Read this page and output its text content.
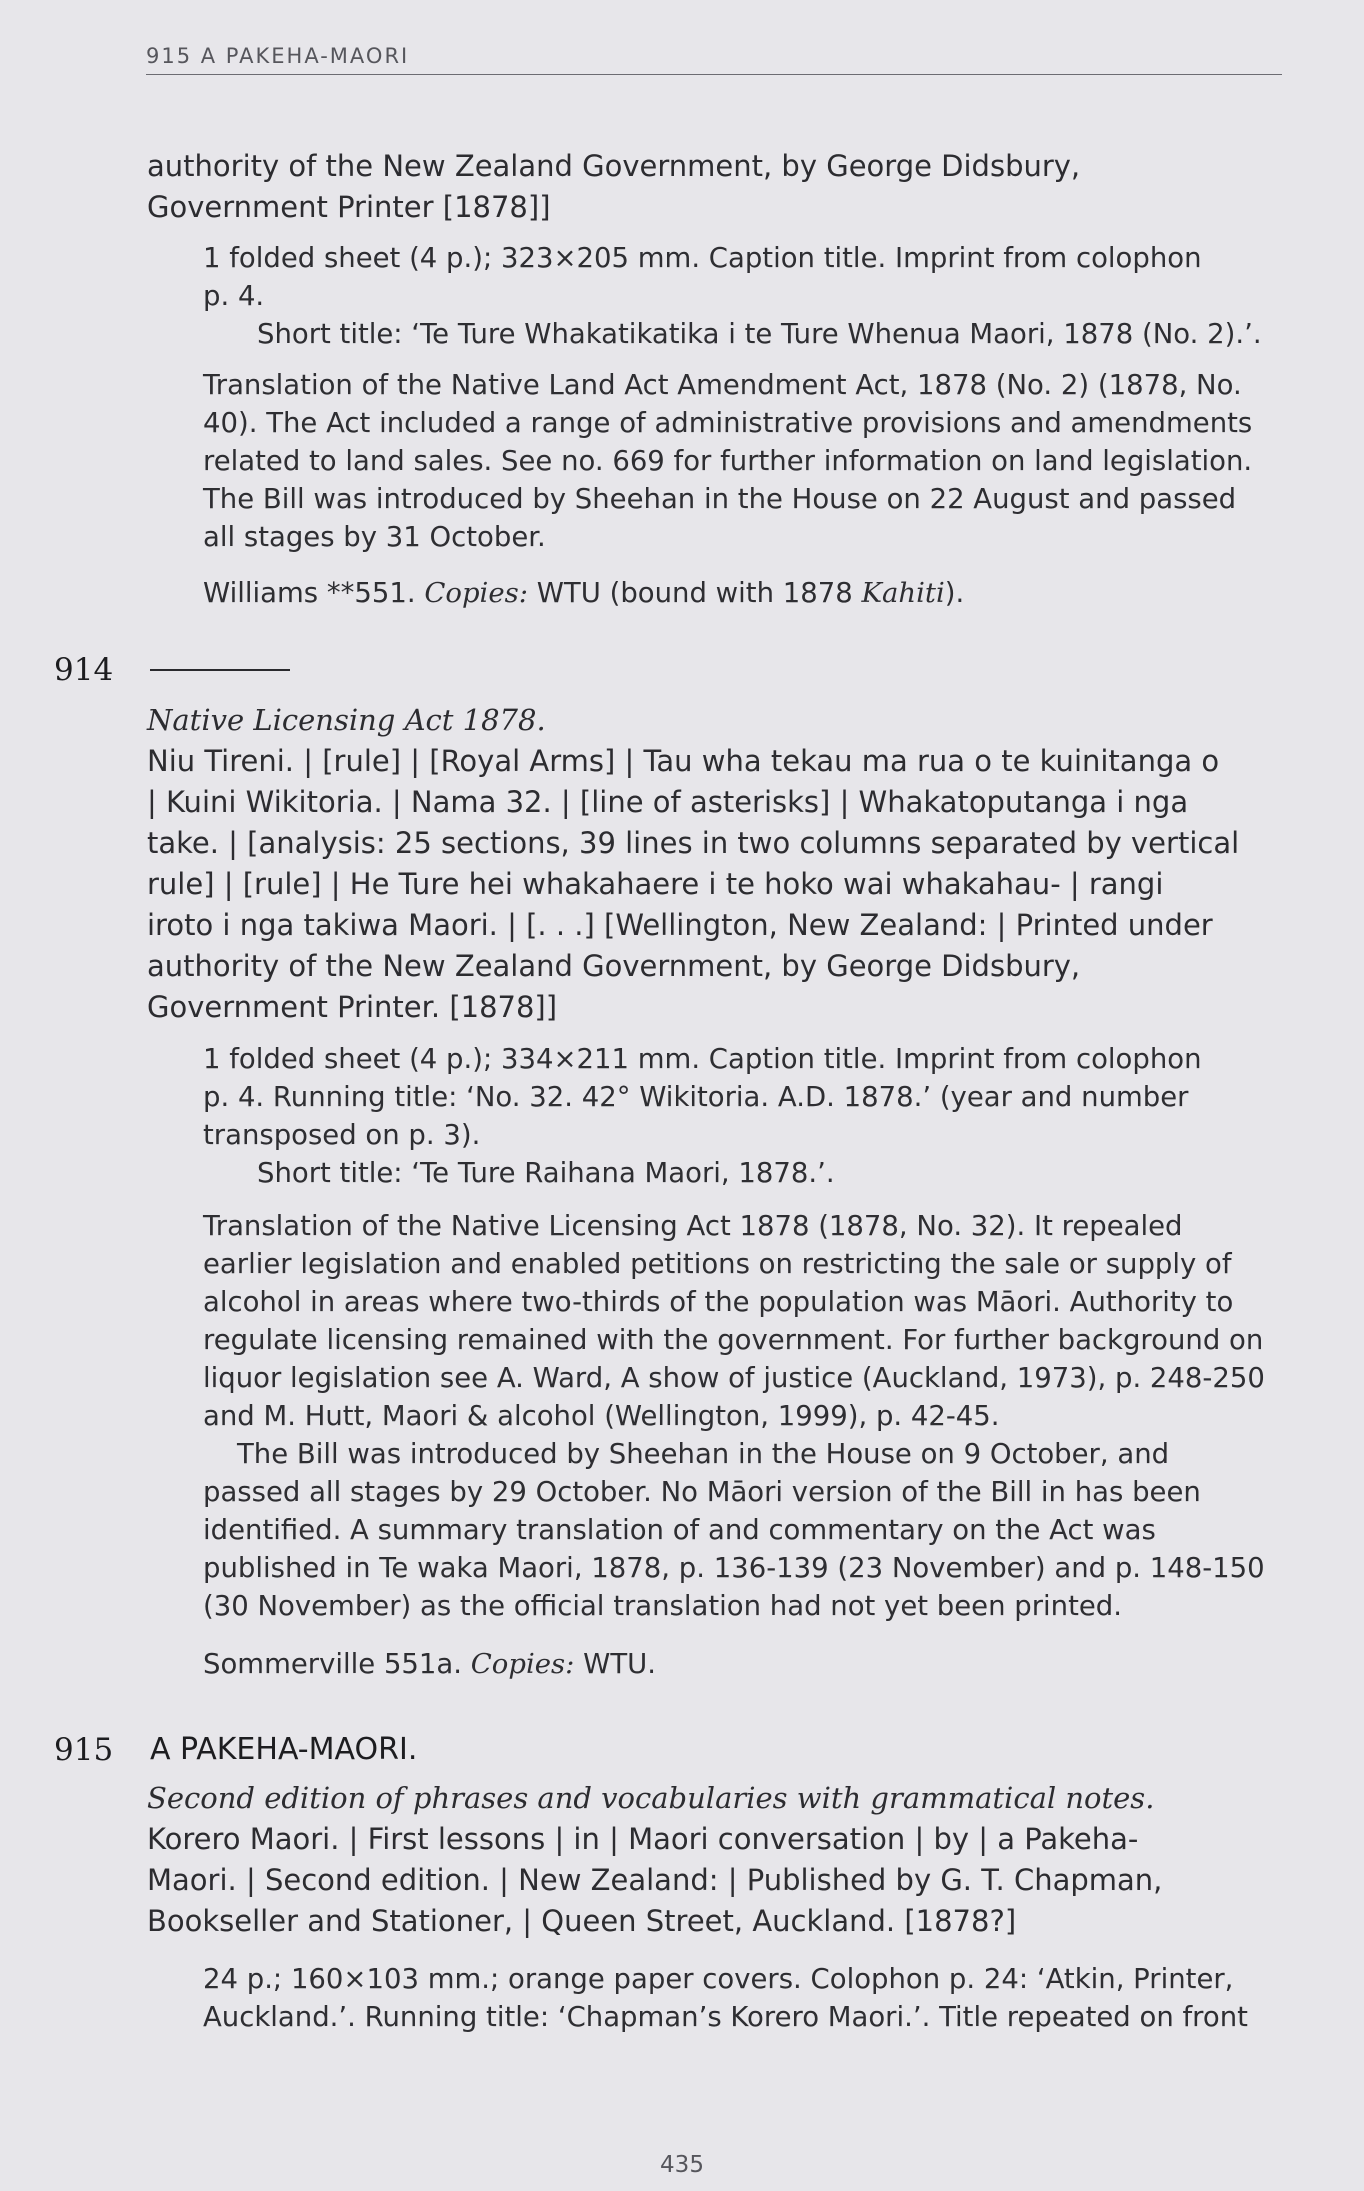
915 A PAKEHA-MAORI
authority of the New Zealand Government, by George Didsbury,
Government Printer [1878]]
1 folded sheet (4 p.); 323×205 mm. Caption title. Imprint from colophon
p. 4.
Short title: ‘Te Ture Whakatikatika i te Ture Whenua Maori, 1878 (No. 2).’.
Translation of the Native Land Act Amendment Act, 1878 (No. 2) (1878, No.
40). The Act included a range of administrative provisions and amendments
related to land sales. See no. 669 for further information on land legislation.
The Bill was introduced by Sheehan in the House on 22 August and passed
all stages by 31 October.
Williams **551. Copies: WTU (bound with 1878 Kahiti).
914
Native Licensing Act 1878.
Niu Tireni. | [rule] | [Royal Arms] | Tau wha tekau ma rua o te kuinitanga o
| Kuini Wikitoria. | Nama 32. | [line of asterisks] | Whakatoputanga i nga
take. | [analysis: 25 sections, 39 lines in two columns separated by vertical
rule] | [rule] | He Ture hei whakahaere i te hoko wai whakahau- | rangi
iroto i nga takiwa Maori. | [. . .] [Wellington, New Zealand: | Printed under
authority of the New Zealand Government, by George Didsbury,
Government Printer. [1878]]
1 folded sheet (4 p.); 334×211 mm. Caption title. Imprint from colophon
p. 4. Running title: ‘No. 32. 42° Wikitoria. A.D. 1878.’ (year and number
transposed on p. 3).
Short title: ‘Te Ture Raihana Maori, 1878.’.
Translation of the Native Licensing Act 1878 (1878, No. 32). It repealed
earlier legislation and enabled petitions on restricting the sale or supply of
alcohol in areas where two-thirds of the population was Māori. Authority to
regulate licensing remained with the government. For further background on
liquor legislation see A. Ward, A show of justice (Auckland, 1973), p. 248-250
and M. Hutt, Maori & alcohol (Wellington, 1999), p. 42-45.
The Bill was introduced by Sheehan in the House on 9 October, and
passed all stages by 29 October. No Māori version of the Bill in has been
identified. A summary translation of and commentary on the Act was
published in Te waka Maori, 1878, p. 136-139 (23 November) and p. 148-150
(30 November) as the official translation had not yet been printed.
Sommerville 551a. Copies: WTU.
915 A PAKEHA-MAORI.
Second edition of phrases and vocabularies with grammatical notes.
Korero Maori. | First lessons | in | Maori conversation | by | a Pakeha-
Maori. | Second edition. | New Zealand: | Published by G. T. Chapman,
Bookseller and Stationer, | Queen Street, Auckland. [1878?]
24 p.; 160×103 mm.; orange paper covers. Colophon p. 24: ‘Atkin, Printer,
Auckland.’. Running title: ‘Chapman’s Korero Maori.’. Title repeated on front
435
